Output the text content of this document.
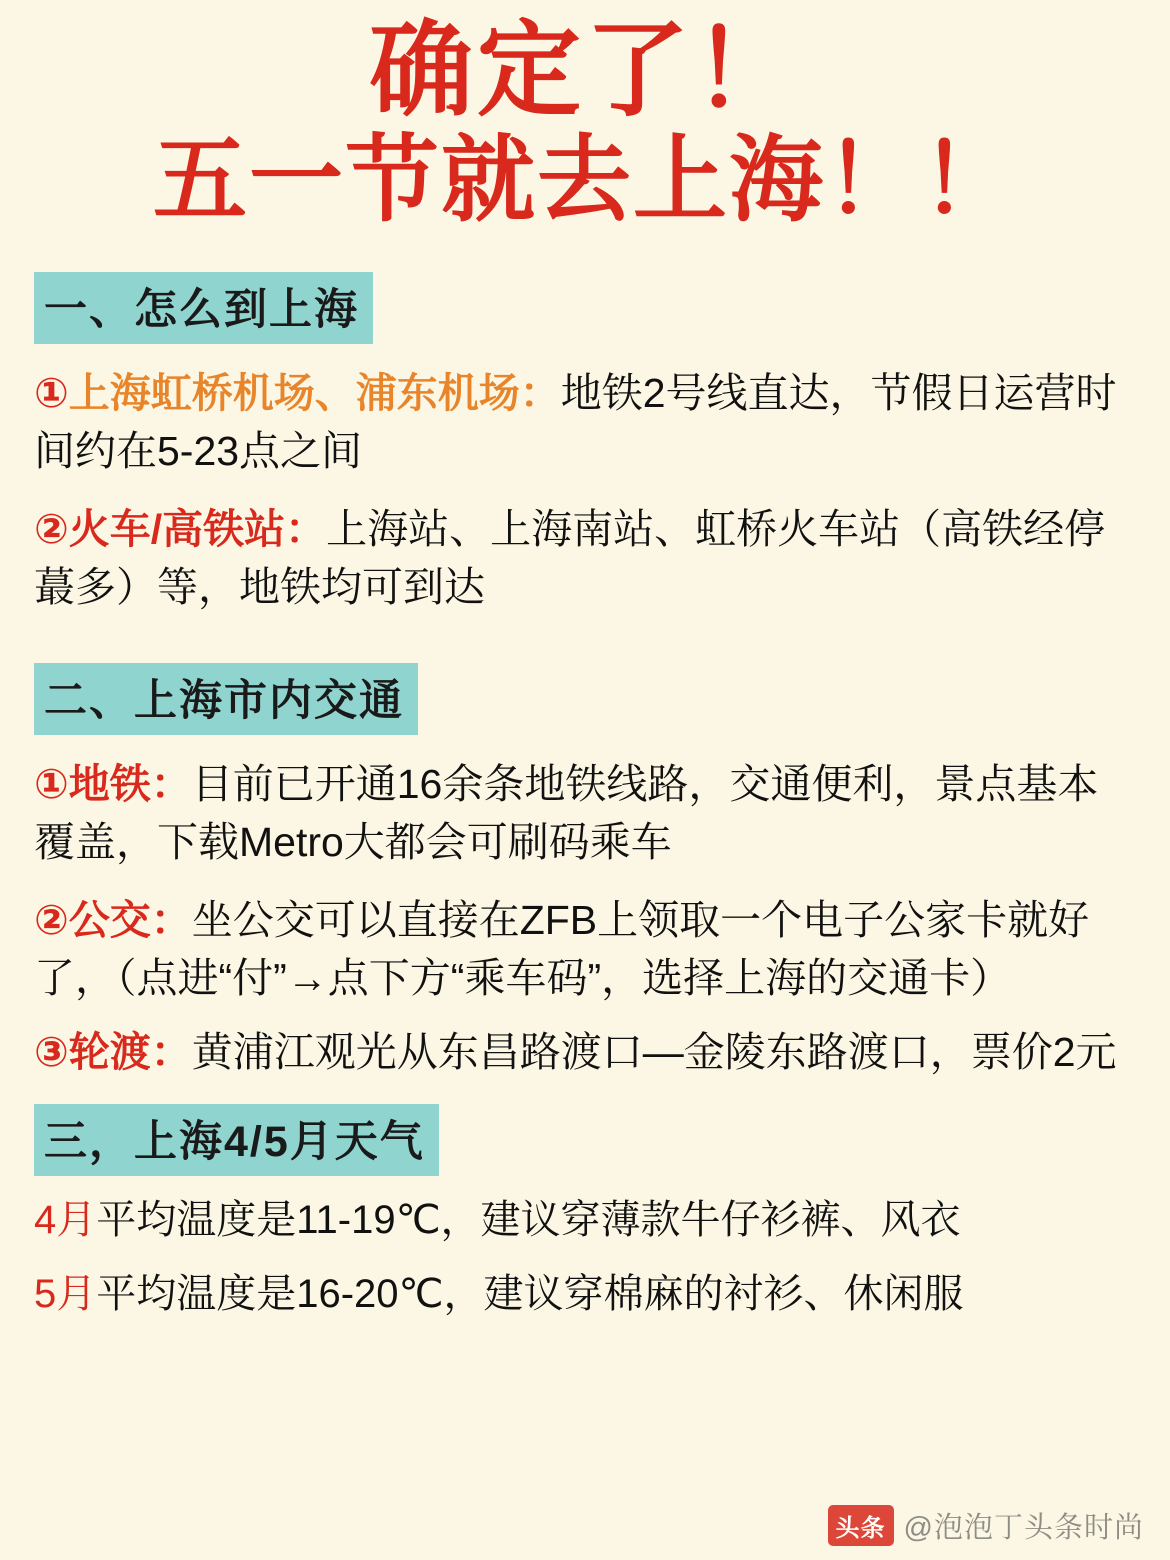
确定了！
五一节就去上海！！
一、怎么到上海

①上海虹桥机场、浦东机场：地铁2号线直达，节假日运营时间约在5-23点之间

②火车/高铁站：上海站、上海南站、虹桥火车站（高铁经停蕞多）等，地铁均可到达

二、上海市内交通

①地铁：目前已开通16余条地铁线路，交通便利，景点基本覆盖，下载Metro大都会可刷码乘车

②公交：坐公交可以直接在ZFB上领取一个电子公家卡就好了，（点进“付”→点下方“乘车码”，选择上海的交通卡）

③轮渡：黄浦江观光从东昌路渡口—金陵东路渡口，票价2元

三，上海4/5月天气

4月平均温度是11-19℃，建议穿薄款牛仔衫裤、风衣

5月平均温度是16-20℃，建议穿棉麻的衬衫、休闲服

头条 @泡泡丁头条时尚
